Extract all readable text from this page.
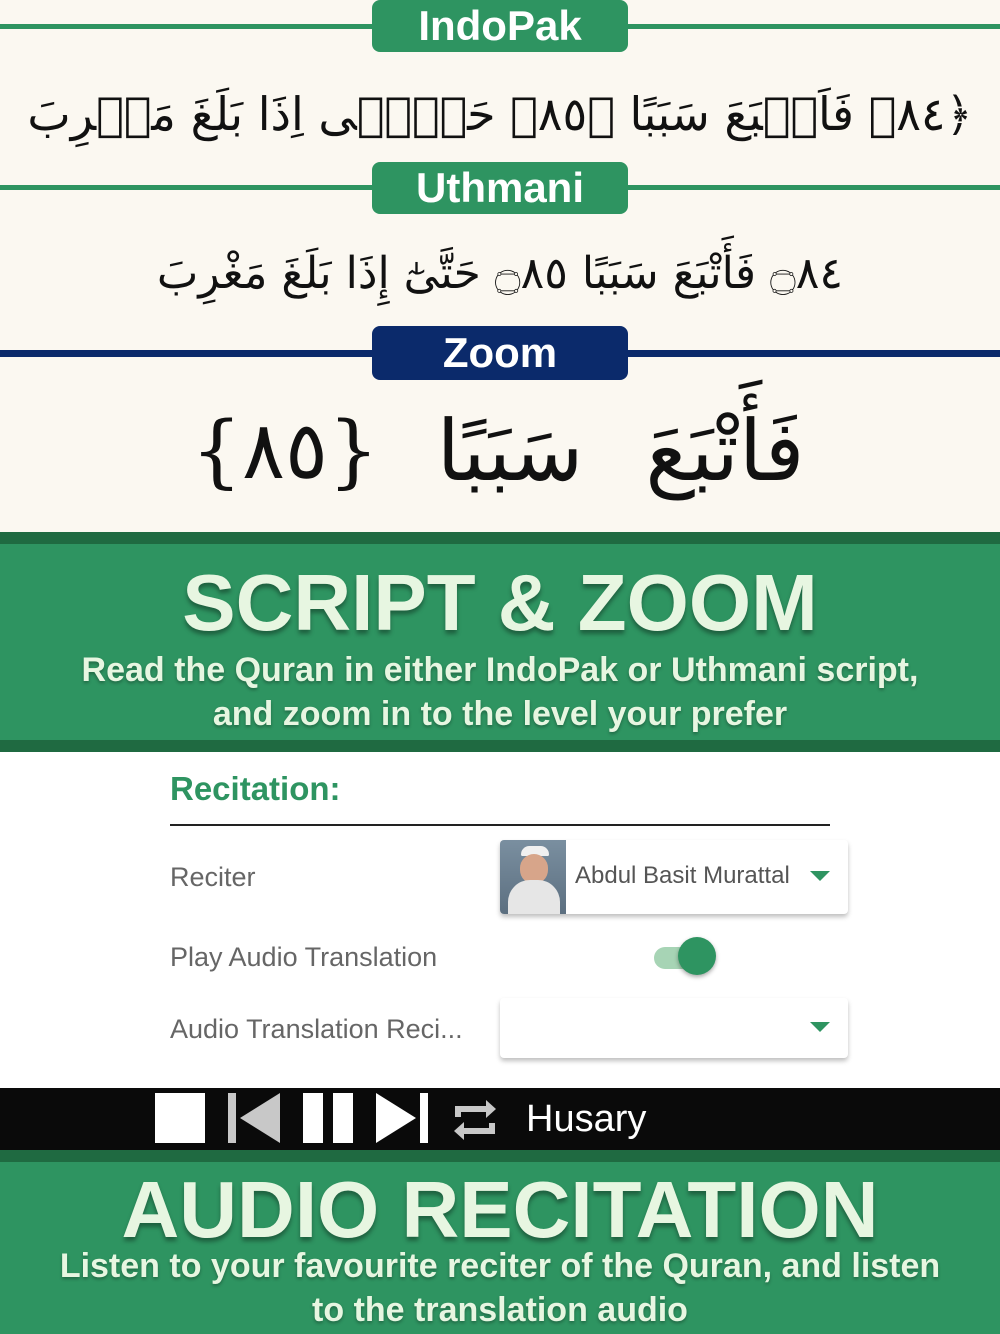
IndoPak
﴿٨٤﴾ فَاَتۡبَعَ سَبَبًا ﴿٨٥﴾ حَتّٰۤى اِذَا بَلَغَ مَغۡرِبَ
Uthmani
۝٨٤ فَأَتْبَعَ سَبَبًا ۝٨٥ حَتَّىٰٓ إِذَا بَلَغَ مَغْرِبَ
Zoom
فَأَتْبَعَ
سَبَبًا
{٨٥}
SCRIPT & ZOOM
Read the Quran in either IndoPak or Uthmani script,
and zoom in to the level your prefer
Recitation:
Reciter	Abdul Basit Murattal
Play Audio Translation
Audio Translation Reci...
Husary
AUDIO RECITATION
Listen to your favourite reciter of the Quran, and listen
to the translation audio
